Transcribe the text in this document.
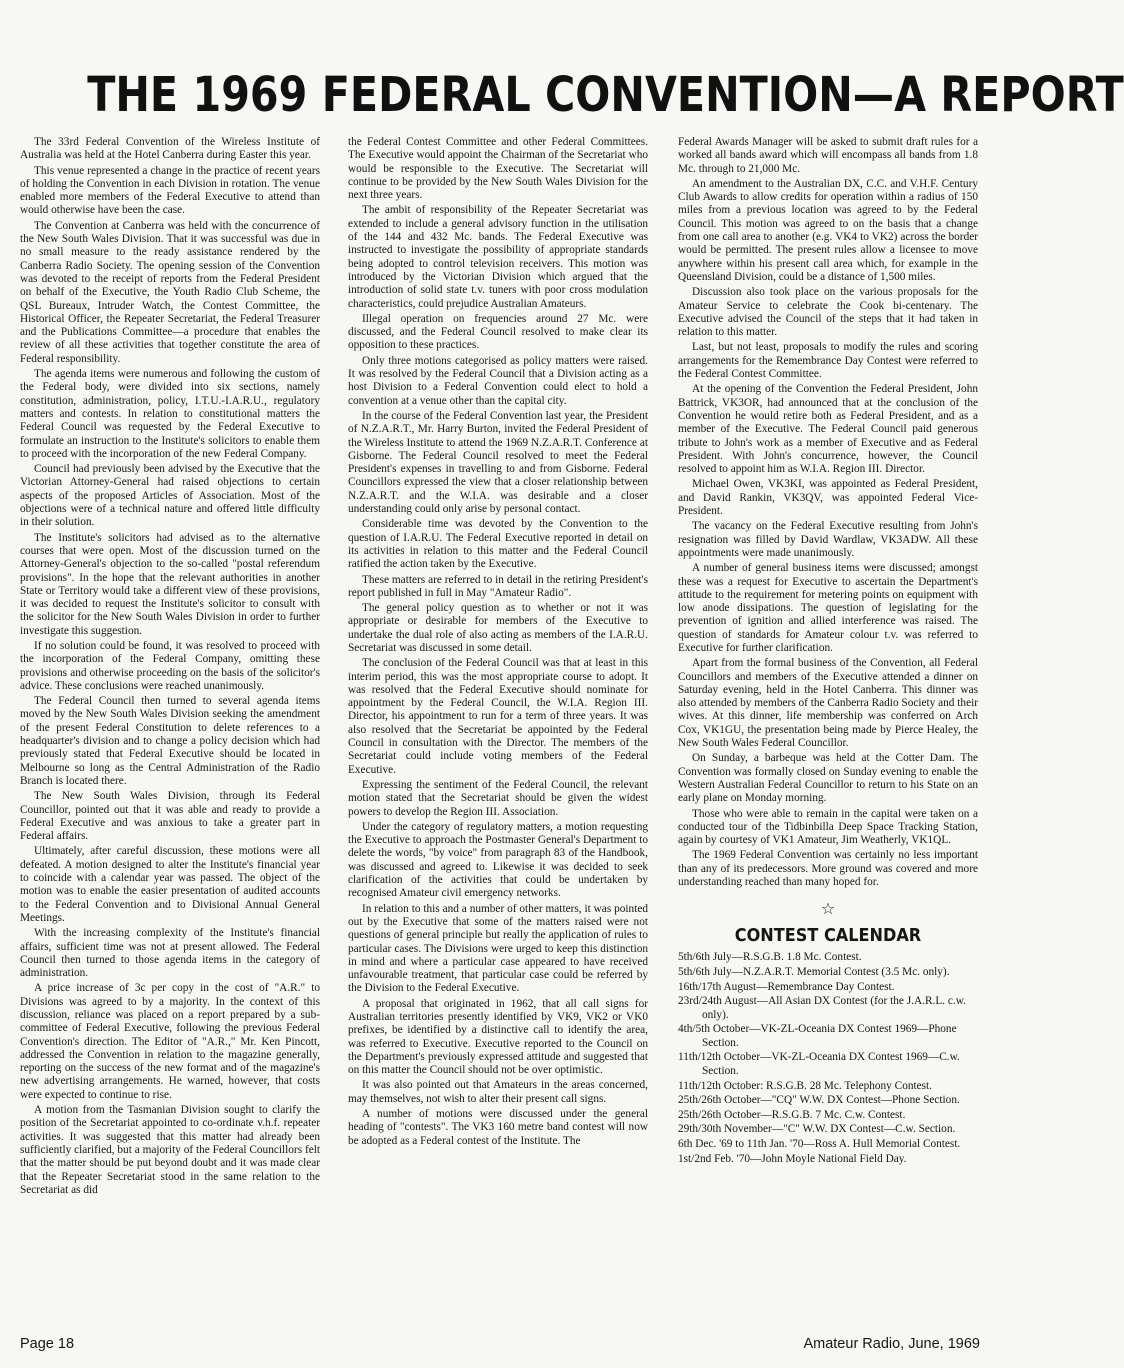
THE 1969 FEDERAL CONVENTION—A REPORT

The 33rd Federal Convention of the Wireless Institute of Australia was held at the Hotel Canberra during Easter this year.

This venue represented a change in the practice of recent years of holding the Convention in each Division in rotation. The venue enabled more members of the Federal Executive to attend than would otherwise have been the case.

The Convention at Canberra was held with the concurrence of the New South Wales Division. That it was successful was due in no small measure to the ready assistance rendered by the Canberra Radio Society. The opening session of the Convention was devoted to the receipt of reports from the Federal President on behalf of the Executive, the Youth Radio Club Scheme, the QSL Bureaux, Intruder Watch, the Contest Committee, the Historical Officer, the Repeater Secretariat, the Federal Treasurer and the Publications Committee—a procedure that enables the review of all these activities that together constitute the area of Federal responsibility.

The agenda items were numerous and following the custom of the Federal body, were divided into six sections, namely constitution, administration, policy, I.T.U.-I.A.R.U., regulatory matters and contests. In relation to constitutional matters the Federal Council was requested by the Federal Executive to formulate an instruction to the Institute's solicitors to enable them to proceed with the incorporation of the new Federal Company.

Council had previously been advised by the Executive that the Victorian Attorney-General had raised objections to certain aspects of the proposed Articles of Association. Most of the objections were of a technical nature and offered little difficulty in their solution.

The Institute's solicitors had advised as to the alternative courses that were open. Most of the discussion turned on the Attorney-General's objection to the so-called "postal referendum provisions". In the hope that the relevant authorities in another State or Territory would take a different view of these provisions, it was decided to request the Institute's solicitor to consult with the solicitor for the New South Wales Division in order to further investigate this suggestion.

If no solution could be found, it was resolved to proceed with the incorporation of the Federal Company, omitting these provisions and otherwise proceeding on the basis of the solicitor's advice. These conclusions were reached unanimously.

The Federal Council then turned to several agenda items moved by the New South Wales Division seeking the amendment of the present Federal Constitution to delete references to a headquarter's division and to change a policy decision which had previously stated that Federal Executive should be located in Melbourne so long as the Central Administration of the Radio Branch is located there.

The New South Wales Division, through its Federal Councillor, pointed out that it was able and ready to provide a Federal Executive and was anxious to take a greater part in Federal affairs.

Ultimately, after careful discussion, these motions were all defeated. A motion designed to alter the Institute's financial year to coincide with a calendar year was passed. The object of the motion was to enable the easier presentation of audited accounts to the Federal Convention and to Divisional Annual General Meetings.

With the increasing complexity of the Institute's financial affairs, sufficient time was not at present allowed. The Federal Council then turned to those agenda items in the category of administration.

A price increase of 3c per copy in the cost of "A.R." to Divisions was agreed to by a majority. In the context of this discussion, reliance was placed on a report prepared by a sub-committee of Federal Executive, following the previous Federal Convention's direction. The Editor of "A.R.," Mr. Ken Pincott, addressed the Convention in relation to the magazine generally, reporting on the success of the new format and of the magazine's new advertising arrangements. He warned, however, that costs were expected to continue to rise.

A motion from the Tasmanian Division sought to clarify the position of the Secretariat appointed to co-ordinate v.h.f. repeater activities. It was suggested that this matter had already been sufficiently clarified, but a majority of the Federal Councillors felt that the matter should be put beyond doubt and it was made clear that the Repeater Secretariat stood in the same relation to the Secretariat as did

the Federal Contest Committee and other Federal Committees. The Executive would appoint the Chairman of the Secretariat who would be responsible to the Executive. The Secretariat will continue to be provided by the New South Wales Division for the next three years.

The ambit of responsibility of the Repeater Secretariat was extended to include a general advisory function in the utilisation of the 144 and 432 Mc. bands. The Federal Executive was instructed to investigate the possibility of appropriate standards being adopted to control television receivers. This motion was introduced by the Victorian Division which argued that the introduction of solid state t.v. tuners with poor cross modulation characteristics, could prejudice Australian Amateurs.

Illegal operation on frequencies around 27 Mc. were discussed, and the Federal Council resolved to make clear its opposition to these practices.

Only three motions categorised as policy matters were raised. It was resolved by the Federal Council that a Division acting as a host Division to a Federal Convention could elect to hold a convention at a venue other than the capital city.

In the course of the Federal Convention last year, the President of N.Z.A.R.T., Mr. Harry Burton, invited the Federal President of the Wireless Institute to attend the 1969 N.Z.A.R.T. Conference at Gisborne. The Federal Council resolved to meet the Federal President's expenses in travelling to and from Gisborne. Federal Councillors expressed the view that a closer relationship between N.Z.A.R.T. and the W.I.A. was desirable and a closer understanding could only arise by personal contact.

Considerable time was devoted by the Convention to the question of I.A.R.U. The Federal Executive reported in detail on its activities in relation to this matter and the Federal Council ratified the action taken by the Executive.

These matters are referred to in detail in the retiring President's report published in full in May "Amateur Radio".

The general policy question as to whether or not it was appropriate or desirable for members of the Executive to undertake the dual role of also acting as members of the I.A.R.U. Secretariat was discussed in some detail.

The conclusion of the Federal Council was that at least in this interim period, this was the most appropriate course to adopt. It was resolved that the Federal Executive should nominate for appointment by the Federal Council, the W.I.A. Region III. Director, his appointment to run for a term of three years. It was also resolved that the Secretariat be appointed by the Federal Council in consultation with the Director. The members of the Secretariat could include voting members of the Federal Executive.

Expressing the sentiment of the Federal Council, the relevant motion stated that the Secretariat should be given the widest powers to develop the Region III. Association.

Under the category of regulatory matters, a motion requesting the Executive to approach the Postmaster General's Department to delete the words, "by voice" from paragraph 83 of the Handbook, was discussed and agreed to. Likewise it was decided to seek clarification of the activities that could be undertaken by recognised Amateur civil emergency networks.

In relation to this and a number of other matters, it was pointed out by the Executive that some of the matters raised were not questions of general principle but really the application of rules to particular cases. The Divisions were urged to keep this distinction in mind and where a particular case appeared to have received unfavourable treatment, that particular case could be referred by the Division to the Federal Executive.

A proposal that originated in 1962, that all call signs for Australian territories presently identified by VK9, VK2 or VK0 prefixes, be identified by a distinctive call to identify the area, was referred to Executive. Executive reported to the Council on the Department's previously expressed attitude and suggested that on this matter the Council should not be over optimistic.

It was also pointed out that Amateurs in the areas concerned, may themselves, not wish to alter their present call signs.

A number of motions were discussed under the general heading of "contests". The VK3 160 metre band contest will now be adopted as a Federal contest of the Institute. The

Federal Awards Manager will be asked to submit draft rules for a worked all bands award which will encompass all bands from 1.8 Mc. through to 21,000 Mc.

An amendment to the Australian DX, C.C. and V.H.F. Century Club Awards to allow credits for operation within a radius of 150 miles from a previous location was agreed to by the Federal Council. This motion was agreed to on the basis that a change from one call area to another (e.g. VK4 to VK2) across the border would be permitted. The present rules allow a licensee to move anywhere within his present call area which, for example in the Queensland Division, could be a distance of 1,500 miles.

Discussion also took place on the various proposals for the Amateur Service to celebrate the Cook bi-centenary. The Executive advised the Council of the steps that it had taken in relation to this matter.

Last, but not least, proposals to modify the rules and scoring arrangements for the Remembrance Day Contest were referred to the Federal Contest Committee.

At the opening of the Convention the Federal President, John Battrick, VK3OR, had announced that at the conclusion of the Convention he would retire both as Federal President, and as a member of the Executive. The Federal Council paid generous tribute to John's work as a member of Executive and as Federal President. With John's concurrence, however, the Council resolved to appoint him as W.I.A. Region III. Director.

Michael Owen, VK3KI, was appointed as Federal President, and David Rankin, VK3QV, was appointed Federal Vice-President.

The vacancy on the Federal Executive resulting from John's resignation was filled by David Wardlaw, VK3ADW. All these appointments were made unanimously.

A number of general business items were discussed; amongst these was a request for Executive to ascertain the Department's attitude to the requirement for metering points on equipment with low anode dissipations. The question of legislating for the prevention of ignition and allied interference was raised. The question of standards for Amateur colour t.v. was referred to Executive for further clarification.

Apart from the formal business of the Convention, all Federal Councillors and members of the Executive attended a dinner on Saturday evening, held in the Hotel Canberra. This dinner was also attended by members of the Canberra Radio Society and their wives. At this dinner, life membership was conferred on Arch Cox, VK1GU, the presentation being made by Pierce Healey, the New South Wales Federal Councillor.

On Sunday, a barbeque was held at the Cotter Dam. The Convention was formally closed on Sunday evening to enable the Western Australian Federal Councillor to return to his State on an early plane on Monday morning.

Those who were able to remain in the capital were taken on a conducted tour of the Tidbinbilla Deep Space Tracking Station, again by courtesy of VK1 Amateur, Jim Weatherly, VK1QL.

The 1969 Federal Convention was certainly no less important than any of its predecessors. More ground was covered and more understanding reached than many hoped for.

☆
CONTEST CALENDAR
5th/6th July—R.S.G.B. 1.8 Mc. Contest.
5th/6th July—N.Z.A.R.T. Memorial Contest (3.5 Mc. only).
16th/17th August—Remembrance Day Contest.
23rd/24th August—All Asian DX Contest (for the J.A.R.L. c.w. only).
4th/5th October—VK-ZL-Oceania DX Contest 1969—Phone Section.
11th/12th October—VK-ZL-Oceania DX Contest 1969—C.w. Section.
11th/12th October: R.S.G.B. 28 Mc. Telephony Contest.
25th/26th October—"CQ" W.W. DX Contest—Phone Section.
25th/26th October—R.S.G.B. 7 Mc. C.w. Contest.
29th/30th November—"C" W.W. DX Contest—C.w. Section.
6th Dec. '69 to 11th Jan. '70—Ross A. Hull Memorial Contest.
1st/2nd Feb. '70—John Moyle National Field Day.
Page 18	Amateur Radio, June, 1969
